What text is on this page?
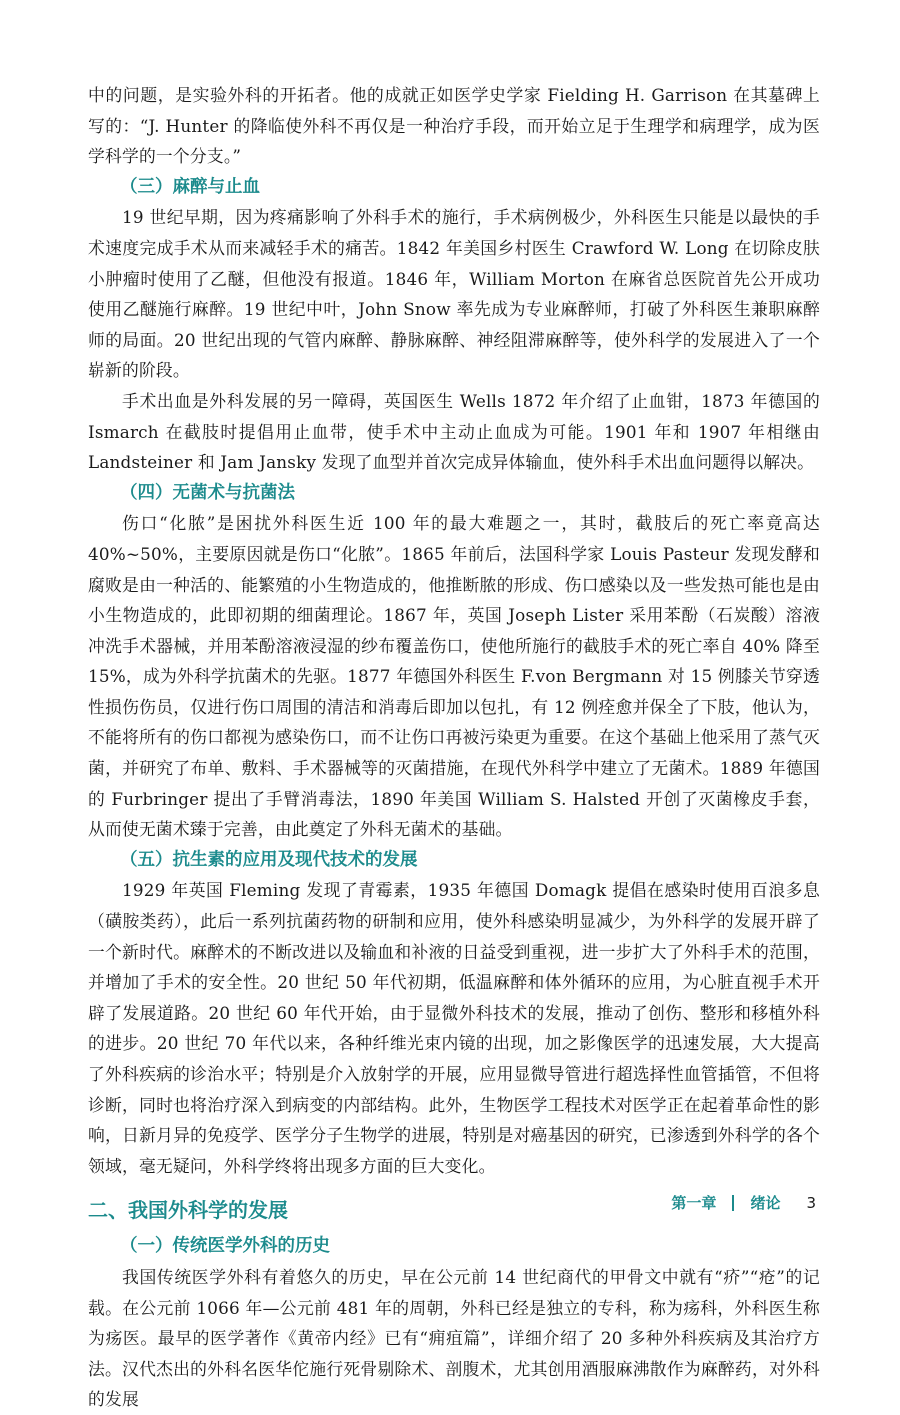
中的问题，是实验外科的开拓者。他的成就正如医学史学家 Fielding H. Garrison 在其墓碑上写的：“J. Hunter 的降临使外科不再仅是一种治疗手段，而开始立足于生理学和病理学，成为医学科学的一个分支。”

（三）麻醉与止血

19 世纪早期，因为疼痛影响了外科手术的施行，手术病例极少，外科医生只能是以最快的手术速度完成手术从而来减轻手术的痛苦。1842 年美国乡村医生 Crawford W. Long 在切除皮肤小肿瘤时使用了乙醚，但他没有报道。1846 年，William Morton 在麻省总医院首先公开成功使用乙醚施行麻醉。19 世纪中叶，John Snow 率先成为专业麻醉师，打破了外科医生兼职麻醉师的局面。20 世纪出现的气管内麻醉、静脉麻醉、神经阻滞麻醉等，使外科学的发展进入了一个崭新的阶段。

手术出血是外科发展的另一障碍，英国医生 Wells 1872 年介绍了止血钳，1873 年德国的 Ismarch 在截肢时提倡用止血带，使手术中主动止血成为可能。1901 年和 1907 年相继由 Landsteiner 和 Jam Jansky 发现了血型并首次完成异体输血，使外科手术出血问题得以解决。

（四）无菌术与抗菌法

伤口“化脓”是困扰外科医生近 100 年的最大难题之一，其时，截肢后的死亡率竟高达 40%~50%，主要原因就是伤口“化脓”。1865 年前后，法国科学家 Louis Pasteur 发现发酵和腐败是由一种活的、能繁殖的小生物造成的，他推断脓的形成、伤口感染以及一些发热可能也是由小生物造成的，此即初期的细菌理论。1867 年，英国 Joseph Lister 采用苯酚（石炭酸）溶液冲洗手术器械，并用苯酚溶液浸湿的纱布覆盖伤口，使他所施行的截肢手术的死亡率自 40% 降至 15%，成为外科学抗菌术的先驱。1877 年德国外科医生 F.von Bergmann 对 15 例膝关节穿透性损伤伤员，仅进行伤口周围的清洁和消毒后即加以包扎，有 12 例痊愈并保全了下肢，他认为，不能将所有的伤口都视为感染伤口，而不让伤口再被污染更为重要。在这个基础上他采用了蒸气灭菌，并研究了布单、敷料、手术器械等的灭菌措施，在现代外科学中建立了无菌术。1889 年德国的 Furbringer 提出了手臂消毒法，1890 年美国 William S. Halsted 开创了灭菌橡皮手套，从而使无菌术臻于完善，由此奠定了外科无菌术的基础。

（五）抗生素的应用及现代技术的发展

1929 年英国 Fleming 发现了青霉素，1935 年德国 Domagk 提倡在感染时使用百浪多息（磺胺类药），此后一系列抗菌药物的研制和应用，使外科感染明显减少，为外科学的发展开辟了一个新时代。麻醉术的不断改进以及输血和补液的日益受到重视，进一步扩大了外科手术的范围，并增加了手术的安全性。20 世纪 50 年代初期，低温麻醉和体外循环的应用，为心脏直视手术开辟了发展道路。20 世纪 60 年代开始，由于显微外科技术的发展，推动了创伤、整形和移植外科的进步。20 世纪 70 年代以来，各种纤维光束内镜的出现，加之影像医学的迅速发展，大大提高了外科疾病的诊治水平；特别是介入放射学的开展，应用显微导管进行超选择性血管插管，不但将诊断，同时也将治疗深入到病变的内部结构。此外，生物医学工程技术对医学正在起着革命性的影响，日新月异的免疫学、医学分子生物学的进展，特别是对癌基因的研究，已渗透到外科学的各个领域，毫无疑问，外科学终将出现多方面的巨大变化。

二、我国外科学的发展
（一）传统医学外科的历史

我国传统医学外科有着悠久的历史，早在公元前 14 世纪商代的甲骨文中就有“疥”“疮”的记载。在公元前 1066 年—公元前 481 年的周朝，外科已经是独立的专科，称为疡科，外科医生称为疡医。最早的医学著作《黄帝内经》已有“痈疽篇”，详细介绍了 20 多种外科疾病及其治疗方法。汉代杰出的外科名医华佗施行死骨剔除术、剖腹术，尤其创用酒服麻沸散作为麻醉药，对外科的发展

第一章 绪论 3
